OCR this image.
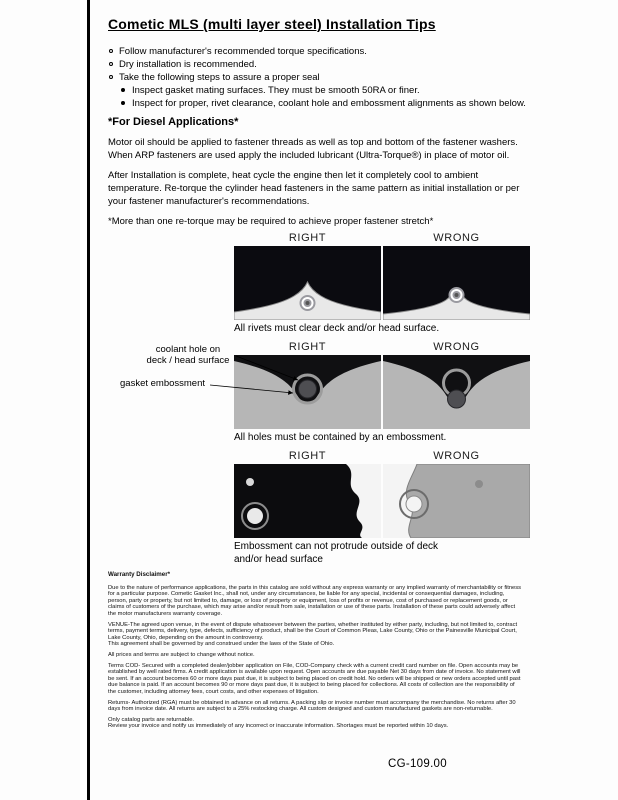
Cometic MLS (multi layer steel) Installation Tips
Follow manufacturer's recommended torque specifications.
Dry installation is recommended.
Take the following steps to assure a proper seal
Inspect gasket mating surfaces. They must be smooth 50RA or finer.
Inspect for proper, rivet clearance, coolant hole and embossment alignments as shown below.
*For Diesel Applications*

Motor oil should be applied to fastener threads as well as top and bottom of the fastener washers. When ARP fasteners are used apply the included lubricant (Ultra-Torque®) in place of motor oil.

After Installation is complete, heat cycle the engine then let it completely cool to ambient temperature. Re-torque the cylinder head fasteners in the same pattern as initial installation or per your fastener manufacturer's recommendations.

*More than one re-torque may be required to achieve proper fastener stretch*

RIGHT	WRONG
All rivets must clear deck and/or head surface.
RIGHT	WRONG
All holes must be contained by an embossment.
RIGHT	WRONG
Embossment can not protrude outside of deck
and/or head surface
coolant hole on
deck / head surface
gasket embossment
Warranty Disclaimer*

Due to the nature of performance applications, the parts in this catalog are sold without any express warranty or any implied warranty of merchantability or fitness for a particular purpose. Cometic Gasket Inc., shall not, under any circumstances, be liable for any special, incidental or consequential damages, including, person, party or property, but not limited to, damage, or loss of property or equipment, loss of profits or revenue, cost of purchased or replacement goods, or claims of customers of the purchase, which may arise and/or result from sale, installation or use of these parts. Installation of these parts could adversely affect the motor manufacturers warranty coverage.

VENUE-The agreed upon venue, in the event of dispute whatsoever between the parties, whether instituted by either party, including, but not limited to, contract terms, payment terms, delivery, type, defects, sufficiency of product, shall be the Court of Common Pleas, Lake County, Ohio or the Painesville Municipal Court, Lake County, Ohio, depending on the amount in controversy.

This agreement shall be governed by and construed under the laws of the State of Ohio.

All prices and terms are subject to change without notice.

Terms COD- Secured with a completed dealer/jobber application on File, COD-Company check with a current credit card number on file. Open accounts may be established by well rated firms. A credit application is available upon request. Open accounts are due payable Net 30 days from date of invoice. No statement will be sent. If an account becomes 60 or more days past due, it is subject to being placed on credit hold. No orders will be shipped or new orders accepted until past due balance is paid. If an account becomes 90 or more days past due, it is subject to being placed for collections. All costs of collection are the responsibility of the customer, including attorney fees, court costs, and other expenses of litigation.

Returns- Authorized (RGA) must be obtained in advance on all returns. A packing slip or invoice number must accompany the merchandise. No returns after 30 days from invoice date. All returns are subject to a 25% restocking charge. All custom designed and custom manufactured gaskets are non-returnable.

Only catalog parts are returnable.

Review your invoice and notify us immediately of any incorrect or inaccurate information. Shortages must be reported within 10 days.

CG-109.00
